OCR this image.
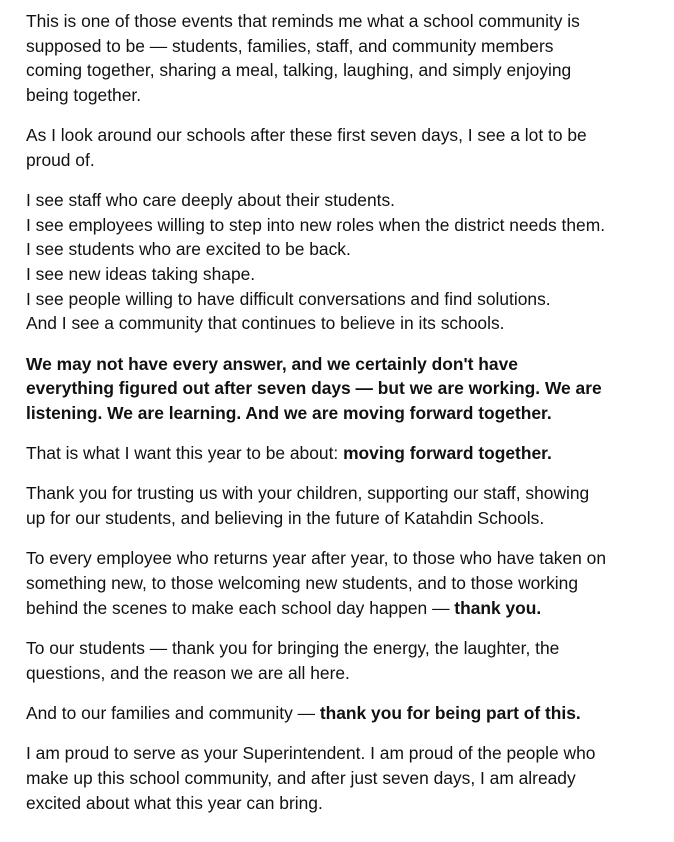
This is one of those events that reminds me what a school community is
supposed to be — students, families, staff, and community members
coming together, sharing a meal, talking, laughing, and simply enjoying
being together.

As I look around our schools after these first seven days, I see a lot to be
proud of.

I see staff who care deeply about their students.
I see employees willing to step into new roles when the district needs them.
I see students who are excited to be back.
I see new ideas taking shape.
I see people willing to have difficult conversations and find solutions.
And I see a community that continues to believe in its schools.

We may not have every answer, and we certainly don't have
everything figured out after seven days — but we are working. We are
listening. We are learning. And we are moving forward together.

That is what I want this year to be about: moving forward together.

Thank you for trusting us with your children, supporting our staff, showing
up for our students, and believing in the future of Katahdin Schools.

To every employee who returns year after year, to those who have taken on
something new, to those welcoming new students, and to those working
behind the scenes to make each school day happen — thank you.

To our students — thank you for bringing the energy, the laughter, the
questions, and the reason we are all here.

And to our families and community — thank you for being part of this.

I am proud to serve as your Superintendent. I am proud of the people who
make up this school community, and after just seven days, I am already
excited about what this year can bring.
